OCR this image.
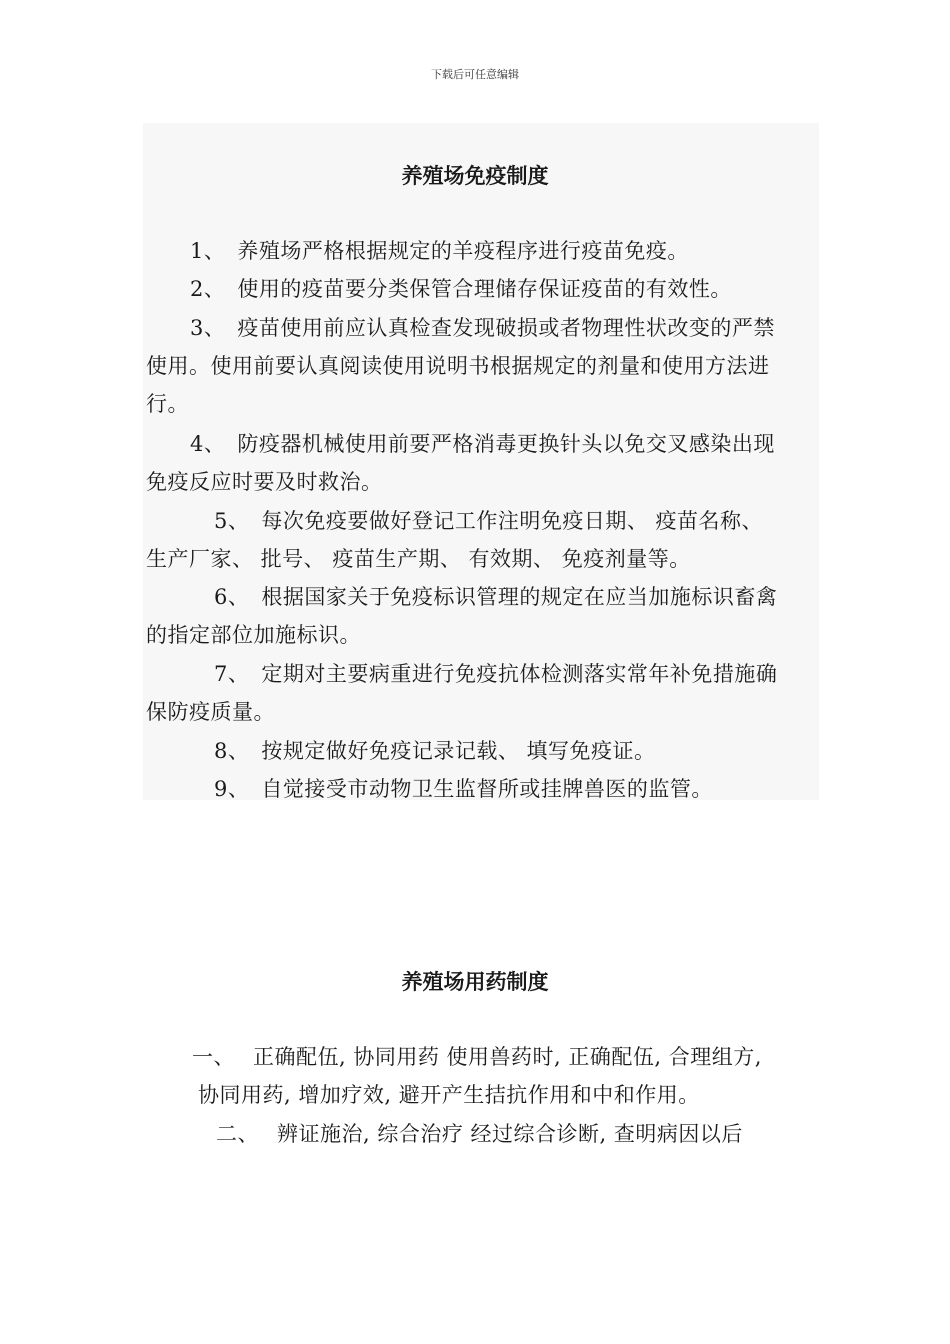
下载后可任意编辑
养殖场免疫制度
1、 养殖场严格根据规定的羊疫程序进行疫苗免疫。
2、 使用的疫苗要分类保管合理储存保证疫苗的有效性。
3、 疫苗使用前应认真检查发现破损或者物理性状改变的严禁
使用。使用前要认真阅读使用说明书根据规定的剂量和使用方法进
行。
4、 防疫器机械使用前要严格消毒更换针头以免交叉感染出现
免疫反应时要及时救治。
5、 每次免疫要做好登记工作注明免疫日期、 疫苗名称、
生产厂家、 批号、 疫苗生产期、 有效期、 免疫剂量等。
6、 根据国家关于免疫标识管理的规定在应当加施标识畜禽
的指定部位加施标识。
7、 定期对主要病重进行免疫抗体检测落实常年补免措施确
保防疫质量。
8、 按规定做好免疫记录记载、 填写免疫证。
9、 自觉接受市动物卫生监督所或挂牌兽医的监管。
养殖场用药制度
一、 正确配伍, 协同用药 使用兽药时, 正确配伍, 合理组方,
协同用药, 增加疗效, 避开产生拮抗作用和中和作用。
二、 辨证施治, 综合治疗 经过综合诊断, 查明病因以后
